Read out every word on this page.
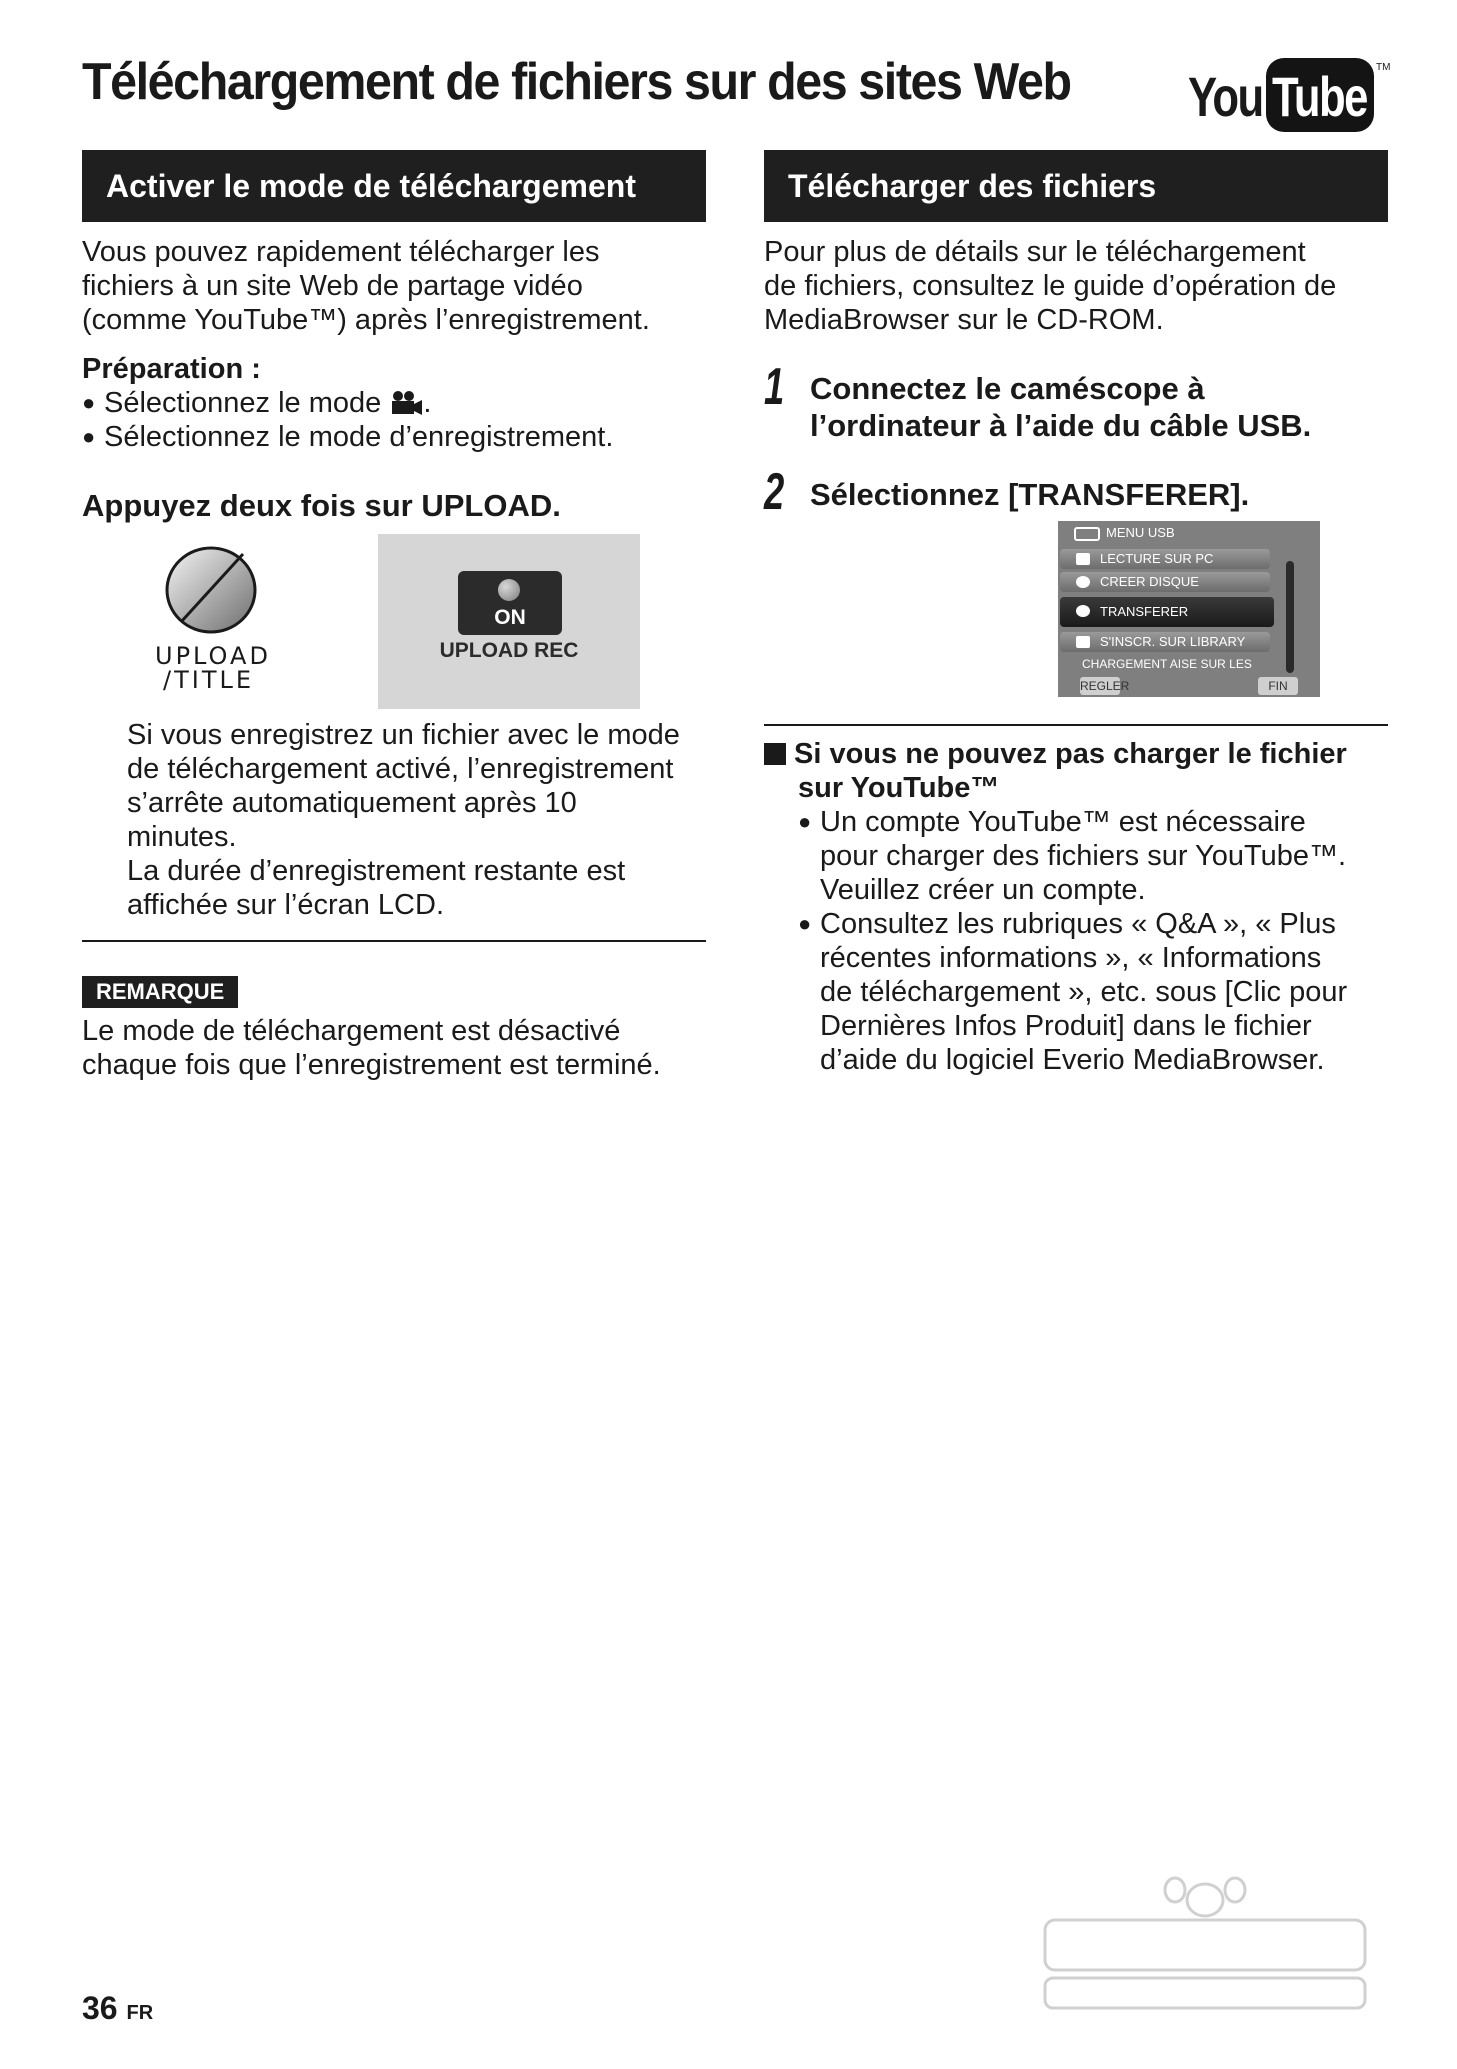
Téléchargement de fichiers sur des sites Web You Tube TM
Activer le mode de téléchargement
Vous pouvez rapidement télécharger les
fichiers à un site Web de partage vidéo
(comme YouTube™) après l’enregistrement.
Préparation :
● Sélectionnez le mode .
● Sélectionnez le mode d’enregistrement.
Appuyez deux fois sur UPLOAD.
UPLOAD
/TITLE
ON
UPLOAD REC
Si vous enregistrez un fichier avec le mode
de téléchargement activé, l’enregistrement
s’arrête automatiquement après 10
minutes.
La durée d’enregistrement restante est
affichée sur l’écran LCD.
REMARQUE
Le mode de téléchargement est désactivé
chaque fois que l’enregistrement est terminé.
Télécharger des fichiers
Pour plus de détails sur le téléchargement
de fichiers, consultez le guide d’opération de
MediaBrowser sur le CD-ROM.
1 Connectez le caméscope à
l’ordinateur à l’aide du câble USB.
2 Sélectionnez [TRANSFERER].
MENU USB
LECTURE SUR PC
CREER DISQUE
TRANSFERER
S'INSCR. SUR LIBRARY
CHARGEMENT AISE SUR LES
REGLER	FIN
Si vous ne pouvez pas charger le fichier
sur YouTube™
● Un compte YouTube™ est nécessaire
pour charger des fichiers sur YouTube™.
Veuillez créer un compte.
● Consultez les rubriques « Q&A », « Plus
récentes informations », « Informations
de téléchargement », etc. sous [Clic pour
Dernières Infos Produit] dans le fichier
d’aide du logiciel Everio MediaBrowser.
36 FR
